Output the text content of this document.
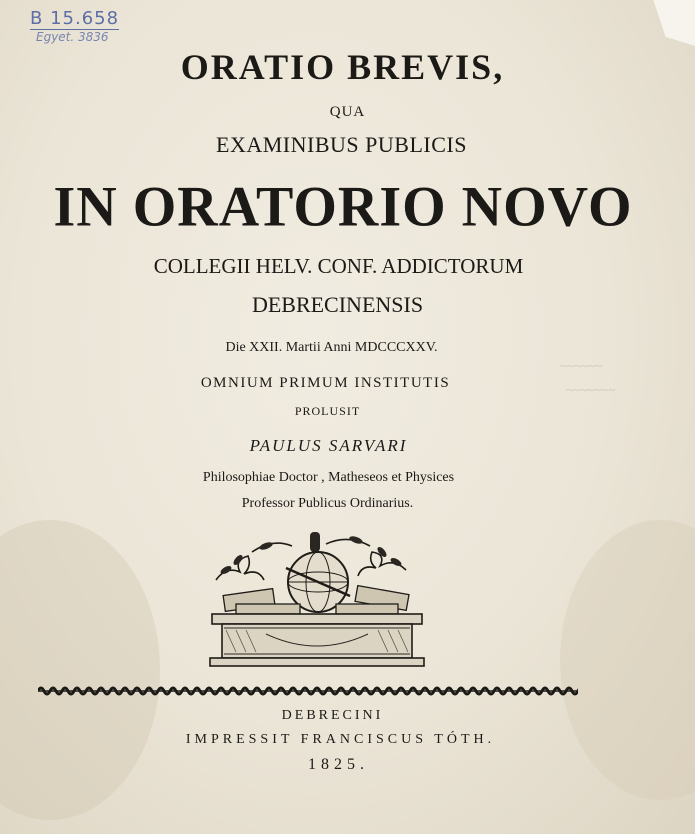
~~~~~~
~~~~~~~
B 15.658
Egyet. 3836
ORATIO BREVIS,
QUA
EXAMINIBUS PUBLICIS
IN ORATORIO NOVO
COLLEGII HELV. CONF. ADDICTORUM
DEBRECINENSIS
Die XXII. Martii Anni MDCCCXXV.
OMNIUM PRIMUM INSTITUTIS
PROLUSIT
PAULUS SARVARI
Philosophiae Doctor , Matheseos et Physices
Professor Publicus Ordinarius.
DEBRECINI
IMPRESSIT FRANCISCUS TÓTH.
1825.
